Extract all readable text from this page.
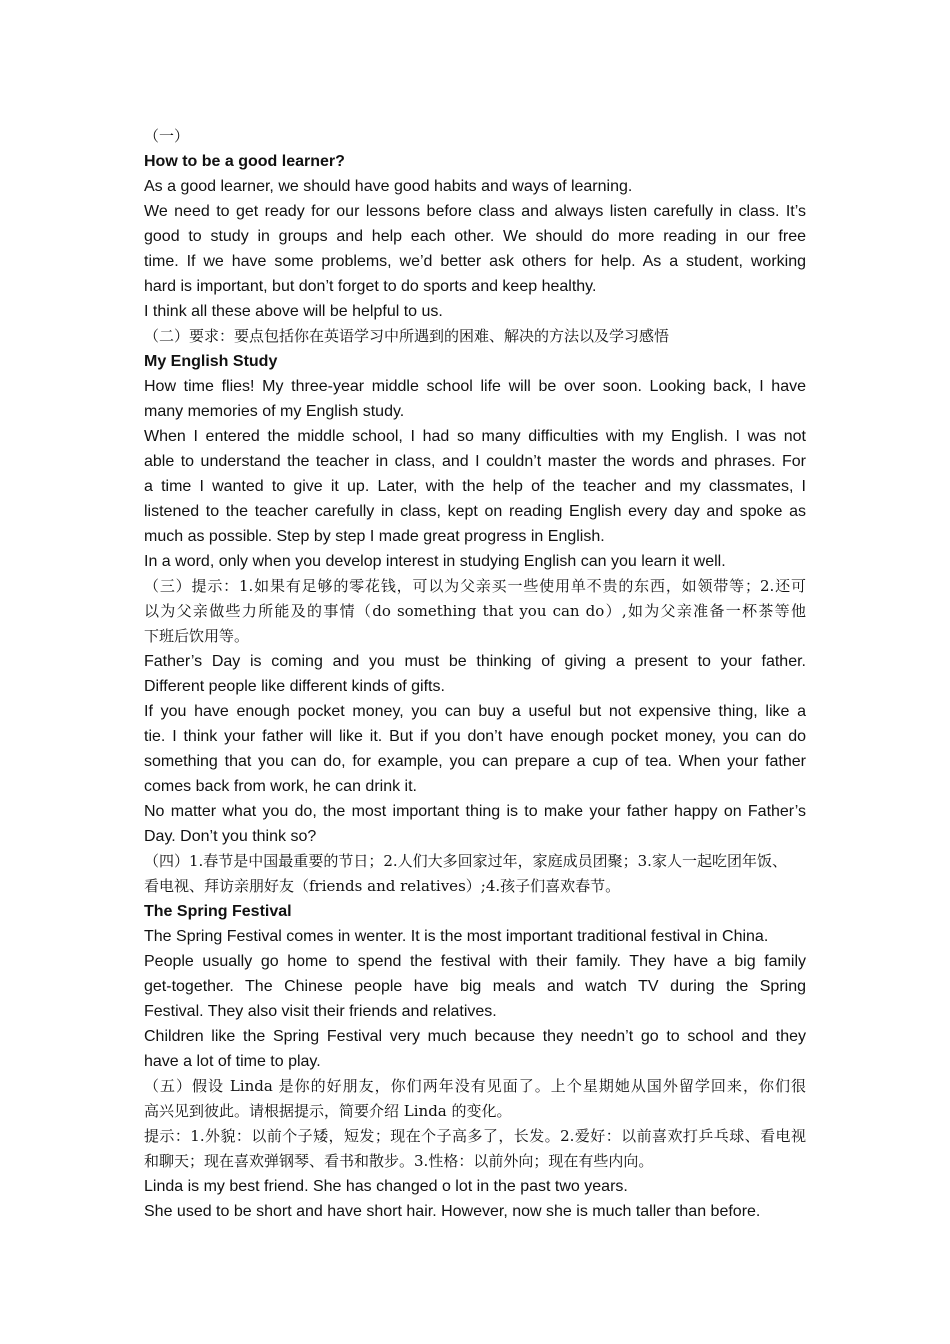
（一）
How to be a good learner?
As a good learner, we should have good habits and ways of learning.
We need to get ready for our lessons before class and always listen carefully in class. It’s
good to study in groups and help each other. We should do more reading in our free
time. If we have some problems, we’d better ask others for help. As a student, working
hard is important, but don’t forget to do sports and keep healthy.
I think all these above will be helpful to us.
（二）要求：要点包括你在英语学习中所遇到的困难、解决的方法以及学习感悟
My English Study
How time flies! My three-year middle school life will be over soon. Looking back, I have
many memories of my English study.
When I entered the middle school, I had so many difficulties with my English. I was not
able to understand the teacher in class, and I couldn’t master the words and phrases. For
a time I wanted to give it up. Later, with the help of the teacher and my classmates, I
listened to the teacher carefully in class, kept on reading English every day and spoke as
much as possible. Step by step I made great progress in English.
In a word, only when you develop interest in studying English can you learn it well.
（三）提示：1.如果有足够的零花钱，可以为父亲买一些使用单不贵的东西，如领带等；2.还可
以为父亲做些力所能及的事情（do something that you can do）,如为父亲准备一杯茶等他
下班后饮用等。
Father’s Day is coming and you must be thinking of giving a present to your father.
Different people like different kinds of gifts.
If you have enough pocket money, you can buy a useful but not expensive thing, like a
tie. I think your father will like it. But if you don’t have enough pocket money, you can do
something that you can do, for example, you can prepare a cup of tea. When your father
comes back from work, he can drink it.
No matter what you do, the most important thing is to make your father happy on Father’s
Day. Don’t you think so?
（四）1.春节是中国最重要的节日；2.人们大多回家过年，家庭成员团聚；3.家人一起吃团年饭、
看电视、拜访亲朋好友（friends and relatives）;4.孩子们喜欢春节。
The Spring Festival
The Spring Festival comes in wenter. It is the most important traditional festival in China.
People usually go home to spend the festival with their family. They have a big family
get-together. The Chinese people have big meals and watch TV during the Spring
Festival. They also visit their friends and relatives.
Children like the Spring Festival very much because they needn’t go to school and they
have a lot of time to play.
（五）假设 Linda 是你的好朋友，你们两年没有见面了。上个星期她从国外留学回来，你们很
高兴见到彼此。请根据提示，简要介绍 Linda 的变化。
提示：1.外貌：以前个子矮，短发；现在个子高多了，长发。2.爱好：以前喜欢打乒乓球、看电视
和聊天；现在喜欢弹钢琴、看书和散步。3.性格：以前外向；现在有些内向。
Linda is my best friend. She has changed o lot in the past two years.
She used to be short and have short hair. However, now she is much taller than before.
